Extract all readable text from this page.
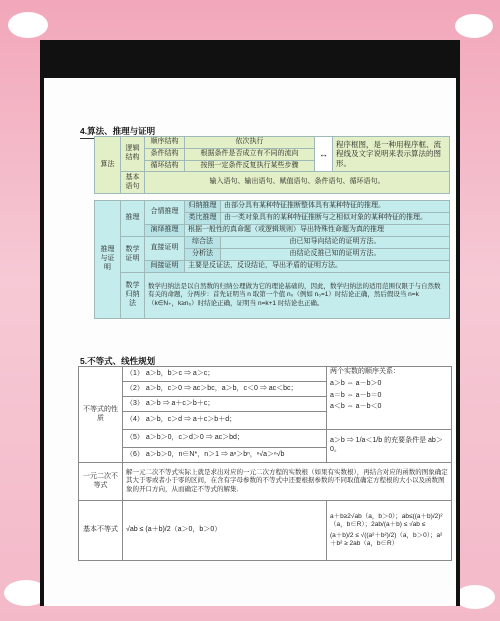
4.算法、推理与证明
算法	逻辑结构	顺序结构	依次执行	↔	程序框图，是一种用程序框、流程线及文字说明来表示算法的图形。
		条件结构	根据条件是否成立有不同的流向		
		循环结构	按照一定条件反复执行某些步骤		
	基本语句	输入语句、输出语句、赋值语句、条件语句、循环语句。			
推理与证明	推理	合情推理	归纳推理	由部分具有某种特征推断整体具有某种特征的推理。
			类比推理	由一类对象具有的某种特征推断与之相似对象的某种特征的推理。
		演绎推理	根据一般性的真命题（或逻辑规则）导出特殊性命题为真的推理	
	数学证明	直接证明	综合法	由已知导向结论的证明方法。
			分析法	由结论反推已知的证明方法。
		间接证明	主要是反证法，反设结论，导出矛盾的证明方法。	
	数学归纳法	数学归纳法是以自然数的归纳公理做为它的理论基础的，因此，数学归纳法的适用范围仅限于与自然数有关的命题，分两步：首先证明当 n 取第一个值 n₀（例如 n₀=1）时结论正确，然后假设当 n=k（k∈N₊，k≥n₀）时结论正确，证明当 n=k+1 时结论也正确。		
5.不等式、线性规划
不等式的性质	（1） a＞b，b＞c ⇒ a＞c；	两个实数的顺序关系：
a＞b ⇔ a－b＞0
a＝b ⇔ a－b＝0
a＜b ⇔ a－b＜0

	（2） a＞b，c＞0 ⇒ ac＞bc，a＞b，c＜0 ⇒ ac＜bc；	
	（3） a＞b ⇒ a＋c＞b＋c；	
	（4） a＞b，c＞d ⇒ a＋c＞b＋d；	
	（5） a＞b＞0，c＞d＞0 ⇒ ac＞bd；	a＞b ⇒ 1/a＜1/b 的充要条件是 ab＞0。
	（6） a＞b＞0，n∈N*，n＞1 ⇒ aⁿ＞bⁿ，ⁿ√a＞ⁿ√b	
一元二次不等式	解一元二次不等式实际上就是求出对应的一元二次方程的实数根（如果有实数根），再结合对应的函数的图象确定其大于零或者小于零的区间，在含有字母参数的不等式中还要根据参数的不同取值确定方程根的大小以及函数图象的开口方向，从而确定不等式的解集．	
基本不等式	√ab ≤ (a＋b)/2（a＞0，b＞0）	a＋b≥2√ab（a，b＞0）；ab≤((a＋b)/2)²（a，b∈R）；2ab/(a＋b) ≤ √ab ≤
(a＋b)/2 ≤ √((a²＋b²)/2)（a，b＞0）；a²＋b² ≥ 2ab（a，b∈R）
